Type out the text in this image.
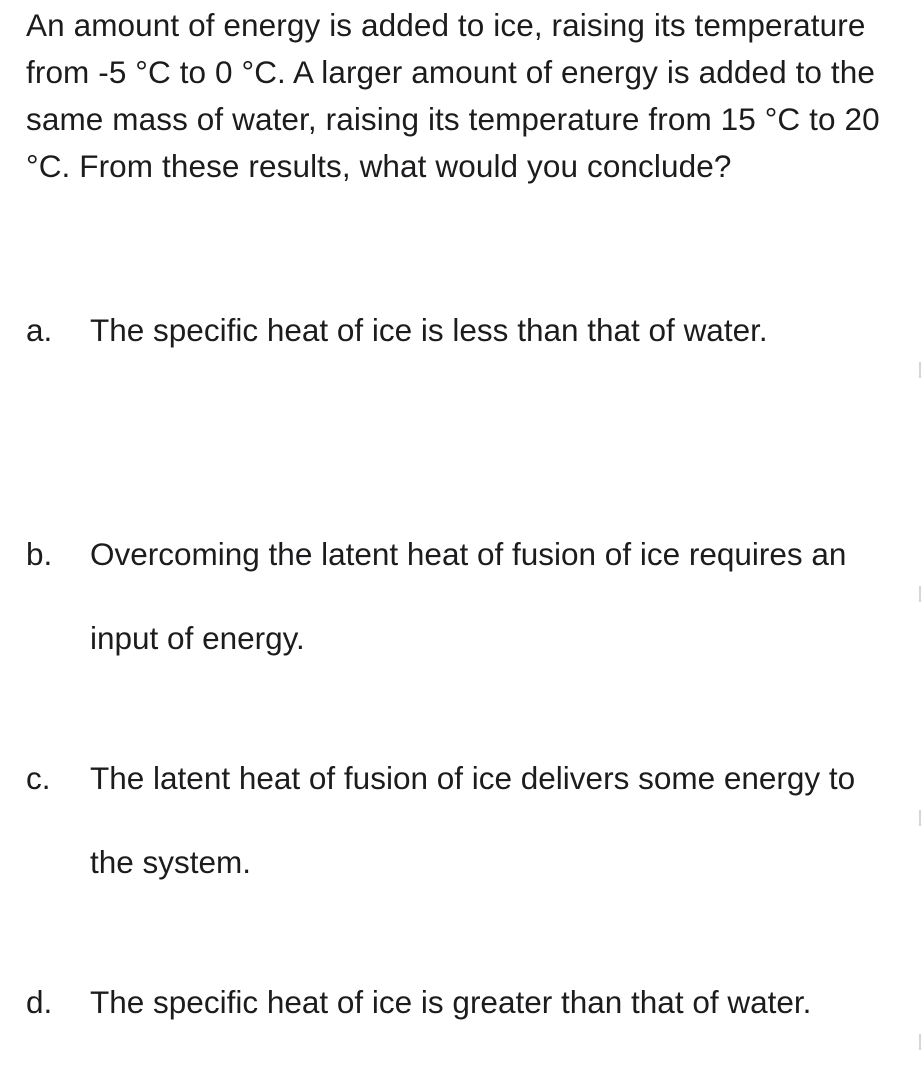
An amount of energy is added to ice, raising its temperature from -5 °C to 0 °C. A larger amount of energy is added to the same mass of water, raising its temperature from 15 °C to 20 °C. From these results, what would you conclude?

a. The specific heat of ice is less than that of water.

b. Overcoming the latent heat of fusion of ice requires an input of energy.

c. The latent heat of fusion of ice delivers some energy to the system.

d. The specific heat of ice is greater than that of water.
